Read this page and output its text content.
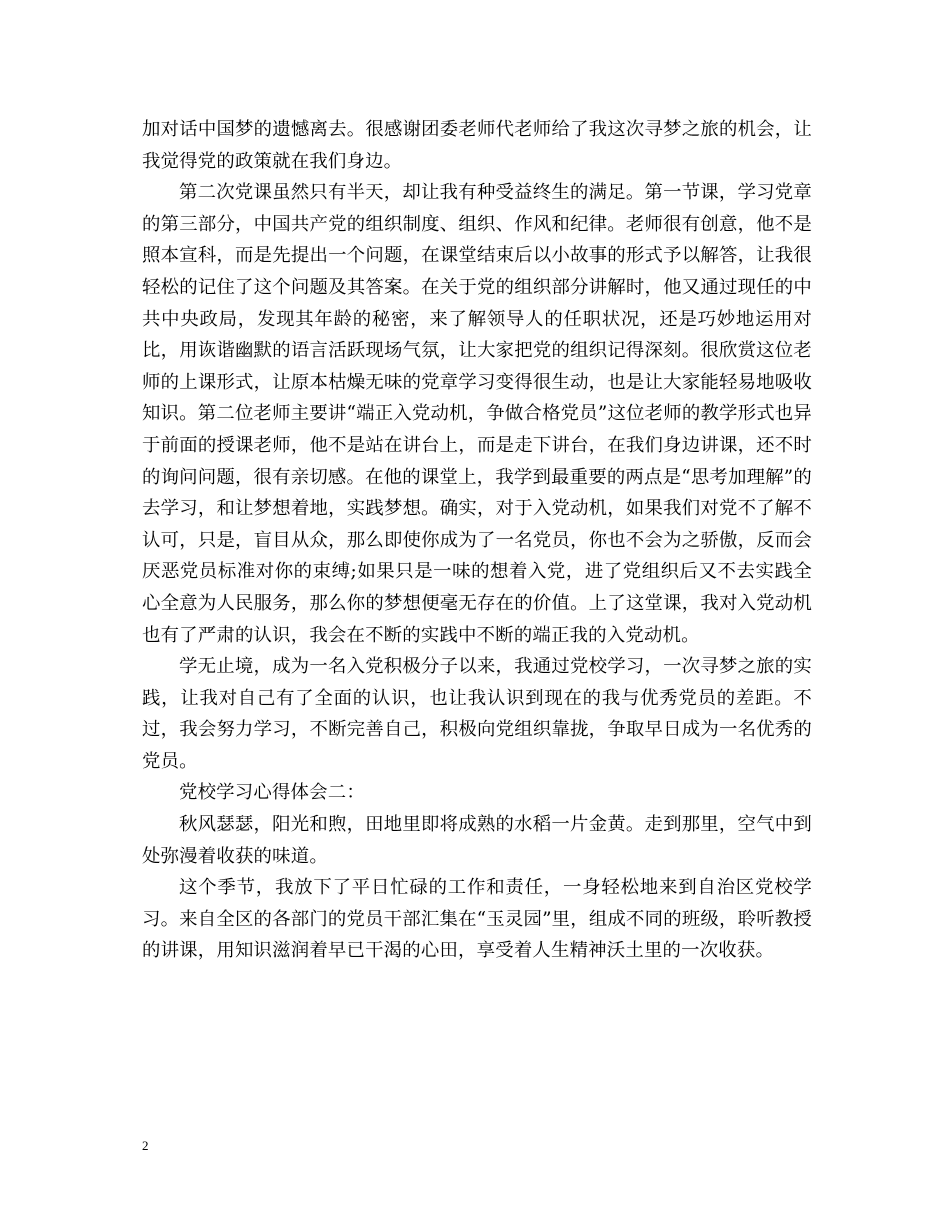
加对话中国梦的遗憾离去。很感谢团委老师代老师给了我这次寻梦之旅的机会，让我觉得党的政策就在我们身边。

第二次党课虽然只有半天，却让我有种受益终生的满足。第一节课，学习党章的第三部分，中国共产党的组织制度、组织、作风和纪律。老师很有创意，他不是照本宣科，而是先提出一个问题，在课堂结束后以小故事的形式予以解答，让我很轻松的记住了这个问题及其答案。在关于党的组织部分讲解时，他又通过现任的中共中央政局，发现其年龄的秘密，来了解领导人的任职状况，还是巧妙地运用对比，用诙谐幽默的语言活跃现场气氛，让大家把党的组织记得深刻。很欣赏这位老师的上课形式，让原本枯燥无味的党章学习变得很生动，也是让大家能轻易地吸收知识。第二位老师主要讲“端正入党动机，争做合格党员”这位老师的教学形式也异于前面的授课老师，他不是站在讲台上，而是走下讲台，在我们身边讲课，还不时的询问问题，很有亲切感。在他的课堂上，我学到最重要的两点是“思考加理解”的去学习，和让梦想着地，实践梦想。确实，对于入党动机，如果我们对党不了解不认可，只是，盲目从众，那么即使你成为了一名党员，你也不会为之骄傲，反而会厌恶党员标准对你的束缚;如果只是一味的想着入党，进了党组织后又不去实践全心全意为人民服务，那么你的梦想便毫无存在的价值。上了这堂课，我对入党动机也有了严肃的认识，我会在不断的实践中不断的端正我的入党动机。

学无止境，成为一名入党积极分子以来，我通过党校学习，一次寻梦之旅的实践，让我对自己有了全面的认识，也让我认识到现在的我与优秀党员的差距。不过，我会努力学习，不断完善自己，积极向党组织靠拢，争取早日成为一名优秀的党员。

党校学习心得体会二：

秋风瑟瑟，阳光和煦，田地里即将成熟的水稻一片金黄。走到那里，空气中到处弥漫着收获的味道。

这个季节，我放下了平日忙碌的工作和责任，一身轻松地来到自治区党校学习。来自全区的各部门的党员干部汇集在“玉灵园”里，组成不同的班级，聆听教授的讲课，用知识滋润着早已干渴的心田，享受着人生精神沃土里的一次收获。

2
